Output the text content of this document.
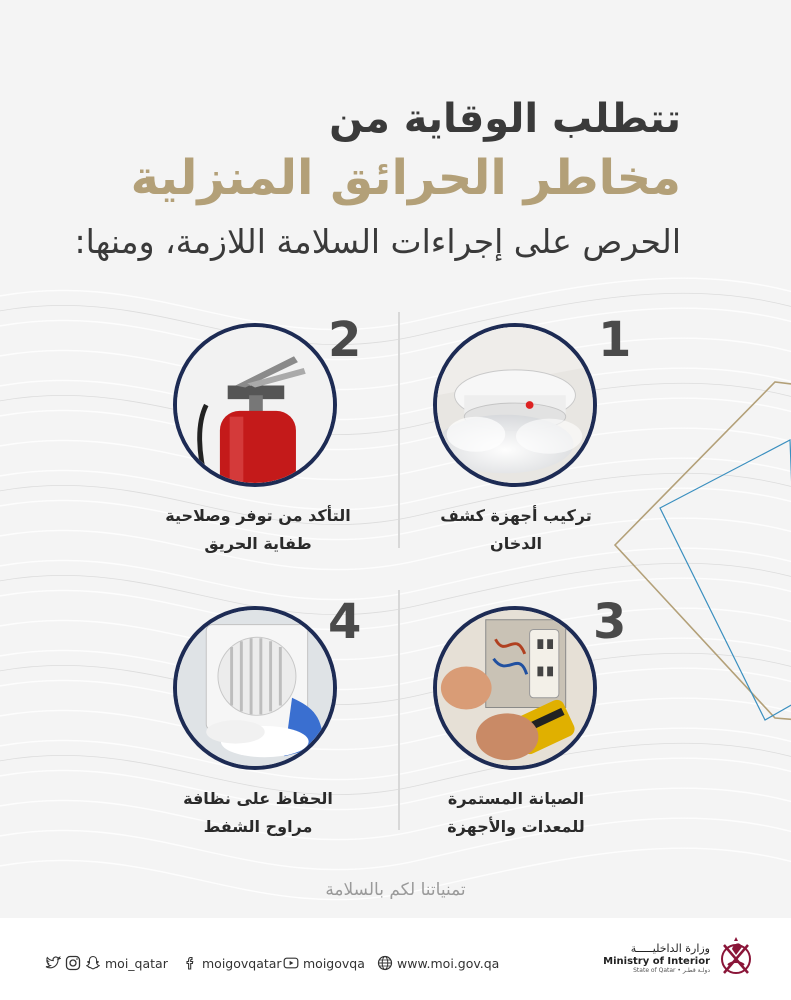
تتطلب الوقاية من
مخاطر الحرائق المنزلية
الحرص على إجراءات السلامة اللازمة، ومنها:
1
تركيب أجهزة كشف
الدخان
2
التأكد من توفر وصلاحية
طفاية الحريق
3
الصيانة المستمرة
للمعدات والأجهزة
4
الحفاظ على نظافة
مراوح الشفط
تمنياتنا لكم بالسلامة
moi_qatar	moigovqatar moigovqa	www.moi.gov.qa
وزارة الداخليـــــة
Ministry of Interior
State of Qatar • دولـة قطـر
